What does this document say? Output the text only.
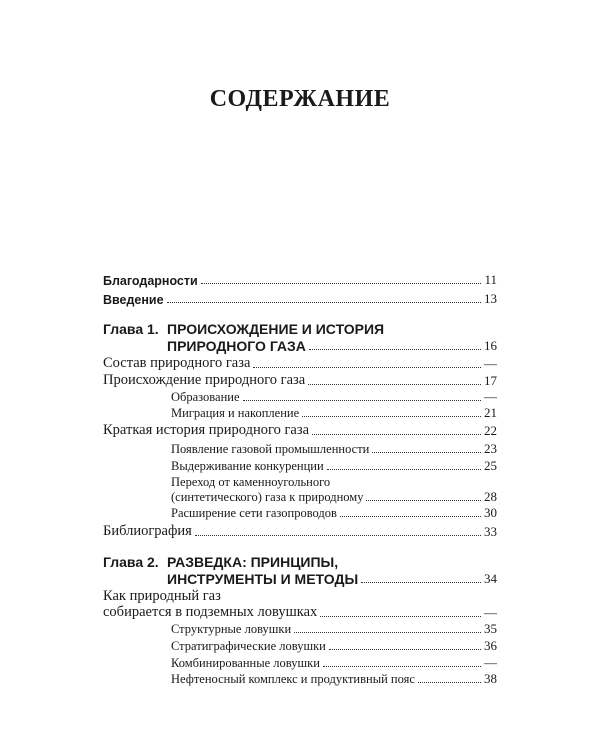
СОДЕРЖАНИЕ
Благодарности	11
Введение	13
Глава 1. ПРОИСХОЖДЕНИЕ И ИСТОРИЯ
ПРИРОДНОГО ГАЗА	16
Состав природного газа	—
Происхождение природного газа	17
Образование	—
Миграция и накопление	21
Краткая история природного газа	22
Появление газовой промышленности	23
Выдерживание конкуренции	25
Переход от каменноугольного
(синтетического) газа к природному	28
Расширение сети газопроводов	30
Библиография	33
Глава 2. РАЗВЕДКА: ПРИНЦИПЫ,
ИНСТРУМЕНТЫ И МЕТОДЫ	34
Как природный газ
собирается в подземных ловушках	—
Структурные ловушки	35
Стратиграфические ловушки	36
Комбинированные ловушки	—
Нефтеносный комплекс и продуктивный пояс	38
